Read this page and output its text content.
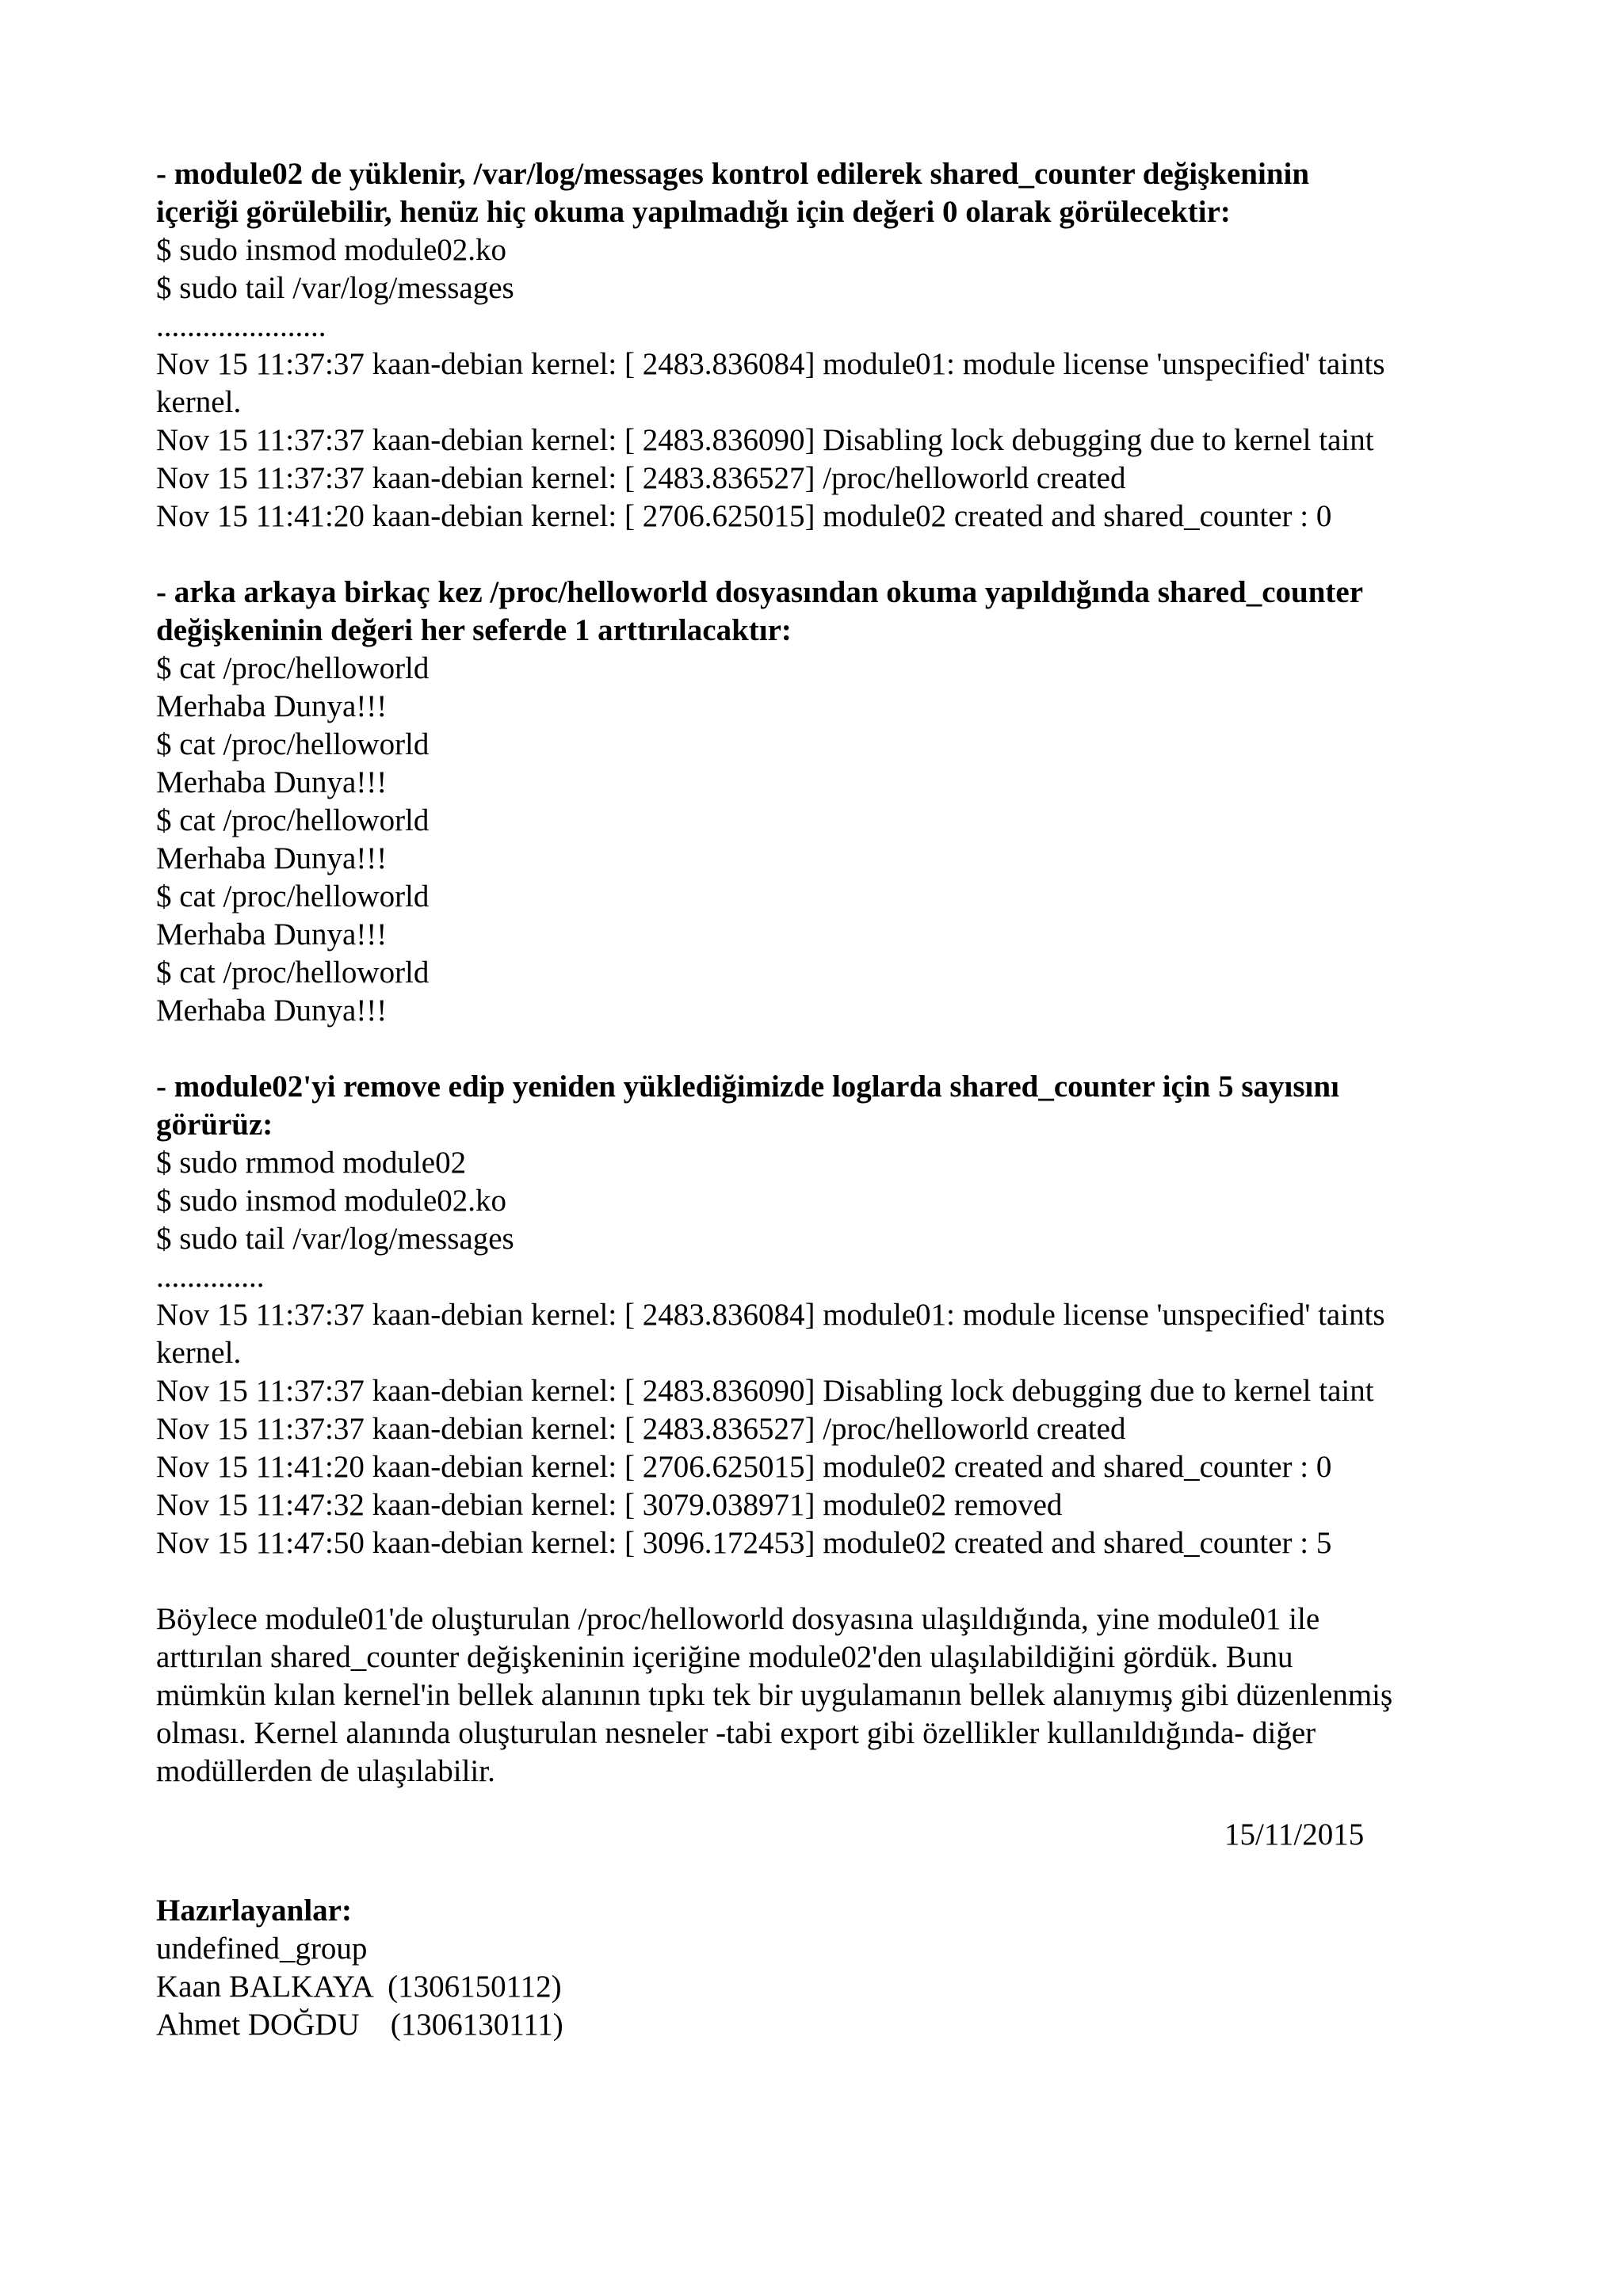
- module02 de yüklenir, /var/log/messages kontrol edilerek shared_counter değişkeninin
içeriği görülebilir, henüz hiç okuma yapılmadığı için değeri 0 olarak görülecektir:
$ sudo insmod module02.ko
$ sudo tail /var/log/messages
......................
Nov 15 11:37:37 kaan-debian kernel: [ 2483.836084] module01: module license 'unspecified' taints
kernel.
Nov 15 11:37:37 kaan-debian kernel: [ 2483.836090] Disabling lock debugging due to kernel taint
Nov 15 11:37:37 kaan-debian kernel: [ 2483.836527] /proc/helloworld created
Nov 15 11:41:20 kaan-debian kernel: [ 2706.625015] module02 created and shared_counter : 0
- arka arkaya birkaç kez /proc/helloworld dosyasından okuma yapıldığında shared_counter
değişkeninin değeri her seferde 1 arttırılacaktır:
$ cat /proc/helloworld
Merhaba Dunya!!!
$ cat /proc/helloworld
Merhaba Dunya!!!
$ cat /proc/helloworld
Merhaba Dunya!!!
$ cat /proc/helloworld
Merhaba Dunya!!!
$ cat /proc/helloworld
Merhaba Dunya!!!
- module02'yi remove edip yeniden yüklediğimizde loglarda shared_counter için 5 sayısını
görürüz:
$ sudo rmmod module02
$ sudo insmod module02.ko
$ sudo tail /var/log/messages
..............
Nov 15 11:37:37 kaan-debian kernel: [ 2483.836084] module01: module license 'unspecified' taints
kernel.
Nov 15 11:37:37 kaan-debian kernel: [ 2483.836090] Disabling lock debugging due to kernel taint
Nov 15 11:37:37 kaan-debian kernel: [ 2483.836527] /proc/helloworld created
Nov 15 11:41:20 kaan-debian kernel: [ 2706.625015] module02 created and shared_counter : 0
Nov 15 11:47:32 kaan-debian kernel: [ 3079.038971] module02 removed
Nov 15 11:47:50 kaan-debian kernel: [ 3096.172453] module02 created and shared_counter : 5
Böylece module01'de oluşturulan /proc/helloworld dosyasına ulaşıldığında, yine module01 ile
arttırılan shared_counter değişkeninin içeriğine module02'den ulaşılabildiğini gördük. Bunu
mümkün kılan kernel'in bellek alanının tıpkı tek bir uygulamanın bellek alanıymış gibi düzenlenmiş
olması. Kernel alanında oluşturulan nesneler -tabi export gibi özellikler kullanıldığında- diğer
modüllerden de ulaşılabilir.
15/11/2015
Hazırlayanlar:
undefined_group
Kaan BALKAYA  (1306150112)
Ahmet DOĞDU    (1306130111)
